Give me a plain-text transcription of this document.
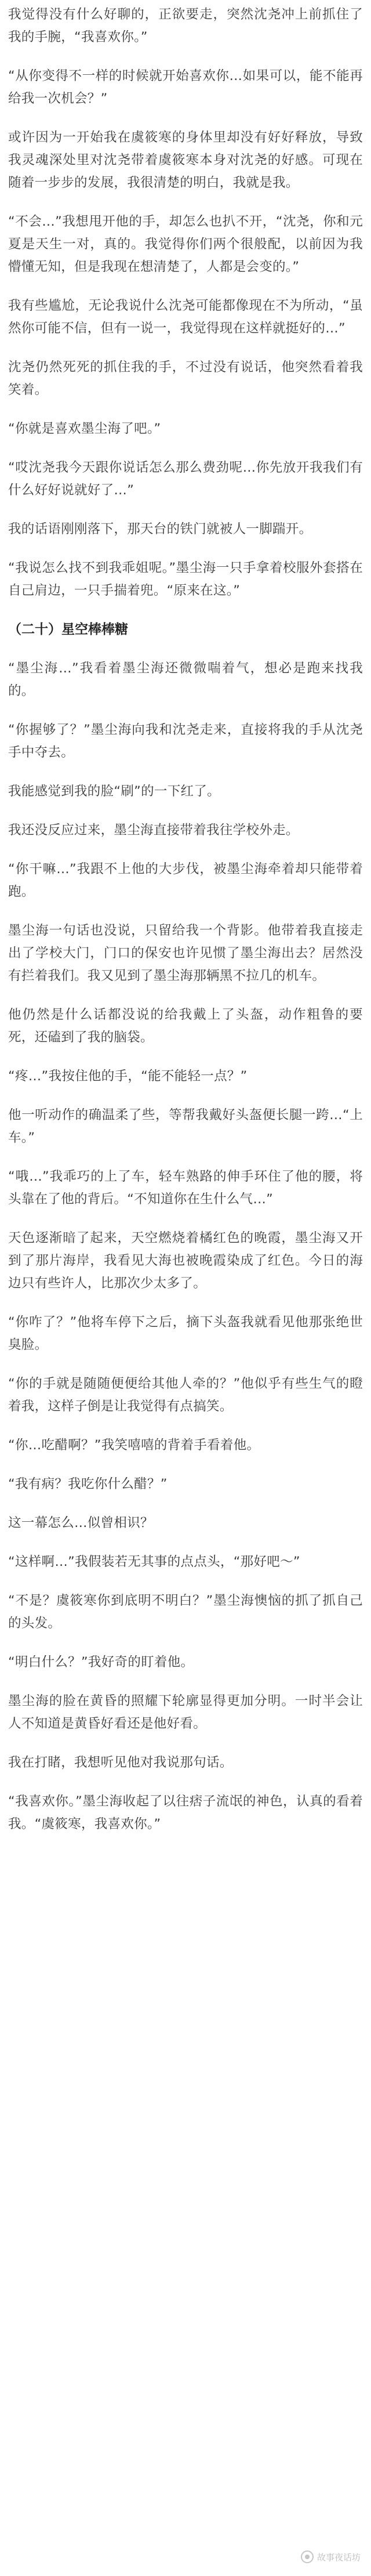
我觉得没有什么好聊的，正欲要走，突然沈尧冲上前抓住了我的手腕，“我喜欢你。”

“从你变得不一样的时候就开始喜欢你…如果可以，能不能再给我一次机会？”

或许因为一开始我在虞筱寒的身体里却没有好好释放，导致我灵魂深处里对沈尧带着虞筱寒本身对沈尧的好感。可现在随着一步步的发展，我很清楚的明白，我就是我。

“不会…”我想甩开他的手，却怎么也扒不开，“沈尧，你和元夏是天生一对，真的。我觉得你们两个很般配，以前因为我懵懂无知，但是我现在想清楚了，人都是会变的。”

我有些尴尬，无论我说什么沈尧可能都像现在不为所动，“虽然你可能不信，但有一说一，我觉得现在这样就挺好的…”

沈尧仍然死死的抓住我的手，不过没有说话，他突然看着我笑着。

“你就是喜欢墨尘海了吧。”

“哎沈尧我今天跟你说话怎么那么费劲呢…你先放开我我们有什么好好说就好了…”

我的话语刚刚落下，那天台的铁门就被人一脚踹开。

“我说怎么找不到我乖姐呢。”墨尘海一只手拿着校服外套搭在自己肩边，一只手揣着兜。“原来在这。”

（二十）星空棒棒糖

“墨尘海…”我看着墨尘海还微微喘着气，想必是跑来找我的。

“你握够了？”墨尘海向我和沈尧走来，直接将我的手从沈尧手中夺去。

我能感觉到我的脸“刷”的一下红了。

我还没反应过来，墨尘海直接带着我往学校外走。

“你干嘛…”我跟不上他的大步伐，被墨尘海牵着却只能带着跑。

墨尘海一句话也没说，只留给我一个背影。他带着我直接走出了学校大门，门口的保安也许见惯了墨尘海出去？居然没有拦着我们。我又见到了墨尘海那辆黑不拉几的机车。

他仍然是什么话都没说的给我戴上了头盔，动作粗鲁的要死，还磕到了我的脑袋。

“疼…”我按住他的手，“能不能轻一点？”

他一听动作的确温柔了些，等帮我戴好头盔便长腿一跨…“上车。”

“哦…”我乖巧的上了车，轻车熟路的伸手环住了他的腰，将头靠在了他的背后。“不知道你在生什么气…”

天色逐渐暗了起来，天空燃烧着橘红色的晚霞，墨尘海又开到了那片海岸，我看见大海也被晚霞染成了红色。今日的海边只有些许人，比那次少太多了。

“你咋了？”他将车停下之后，摘下头盔我就看见他那张绝世臭脸。

“你的手就是随随便便给其他人牵的？”他似乎有些生气的瞪着我，这样子倒是让我觉得有点搞笑。

“你…吃醋啊？”我笑嘻嘻的背着手看着他。

“我有病？我吃你什么醋？”

这一幕怎么…似曾相识？

“这样啊…”我假装若无其事的点点头，“那好吧～”

“不是？虞筱寒你到底明不明白？”墨尘海懊恼的抓了抓自己的头发。

“明白什么？”我好奇的盯着他。

墨尘海的脸在黄昏的照耀下轮廓显得更加分明。一时半会让人不知道是黄昏好看还是他好看。

我在打睹，我想听见他对我说那句话。

“我喜欢你。”墨尘海收起了以往痞子流氓的神色，认真的看着我。“虞筱寒，我喜欢你。”

故事夜话坊
